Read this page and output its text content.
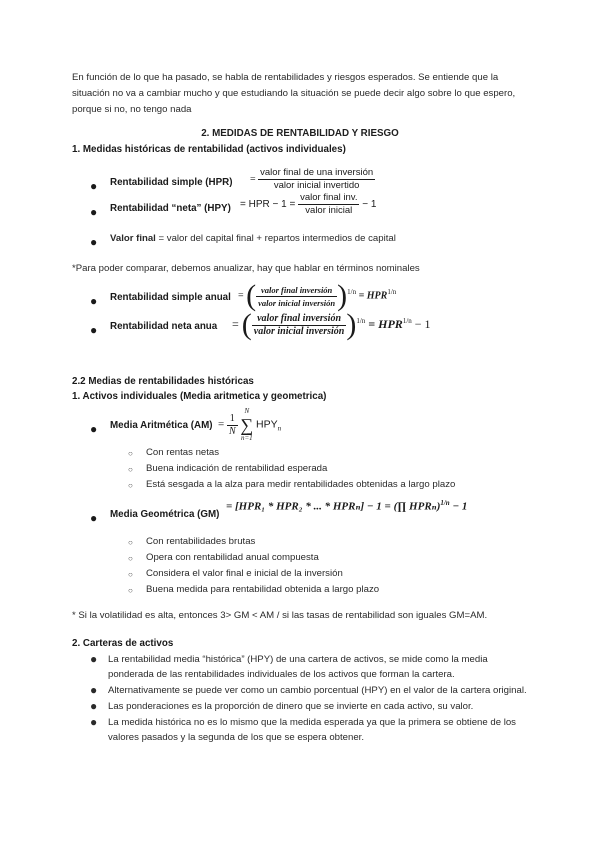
En función de lo que ha pasado, se habla de rentabilidades y riesgos esperados. Se entiende que la situación no va a cambiar mucho y que estudiando la situación se puede decir algo sobre lo que espero, porque si no, no tengo nada
2. MEDIDAS DE RENTABILIDAD Y RIESGO
1. Medidas históricas de rentabilidad (activos individuales)
● Rentabilidad simple $(HPR) = \frac{\text{valor final de una inversión}}{\text{valor inicial invertido}}$
● Rentabilidad “neta” (HPY) = HPR − $1 = \frac{\text{valor final inv.}}{\text{valor inicial}} - 1$
● Valor final = valor del capital final + repartos intermedios de capital
*Para poder comparar, debemos anualizar, hay que hablar en términos nominales
● Rentabilidad simple anual = ( $\frac{\text{valor final inversión}}{\text{valor inicial inversión}} )^{1/n} = HPR^{1/n}$
● Rentabilidad neta anua = ( $\frac{\text{valor final inversión}}{\text{valor inicial inversión}} )^{1/n} = HPR^{1/n} - 1$
2.2 Medias de rentabilidades históricas
1. Activos individuales (Media aritmetica y geometrica)
● Media Aritmética $(AM) = \frac{1}{N}$

N
∑
n=1
$HPY_n$
○ Con rentas netas
○ Buena indicación de rentabilidad esperada
○ Está sesgada a la alza para medir rentabilidades obtenidas a largo plazo
● Media Geométrica (GM)
= [HPR₁ * HPR₂ * ... * HPRₙ] − 1 = (∏ HPRₙ)$^{1/n}$ − 1
○ Con rentabilidades brutas
○ Opera con rentabilidad anual compuesta
○ Considera el valor final e inicial de la inversión
○ Buena medida para rentabilidad obtenida a largo plazo
* Si la volatilidad es alta, entonces 3> GM < AM / si las tasas de rentabilidad son iguales GM=AM.
2. Carteras de activos
● La rentabilidad media “histórica” (HPY) de una cartera de activos, se mide como la media ponderada de las rentabilidades individuales de los activos que forman la cartera.
● Alternativamente se puede ver como un cambio porcentual (HPY) en el valor de la cartera original.
● Las ponderaciones es la proporción de dinero que se invierte en cada activo, su valor.
● La medida histórica no es lo mismo que la medida esperada ya que la primera se obtiene de los valores pasados y la segunda de los que se espera obtener.
